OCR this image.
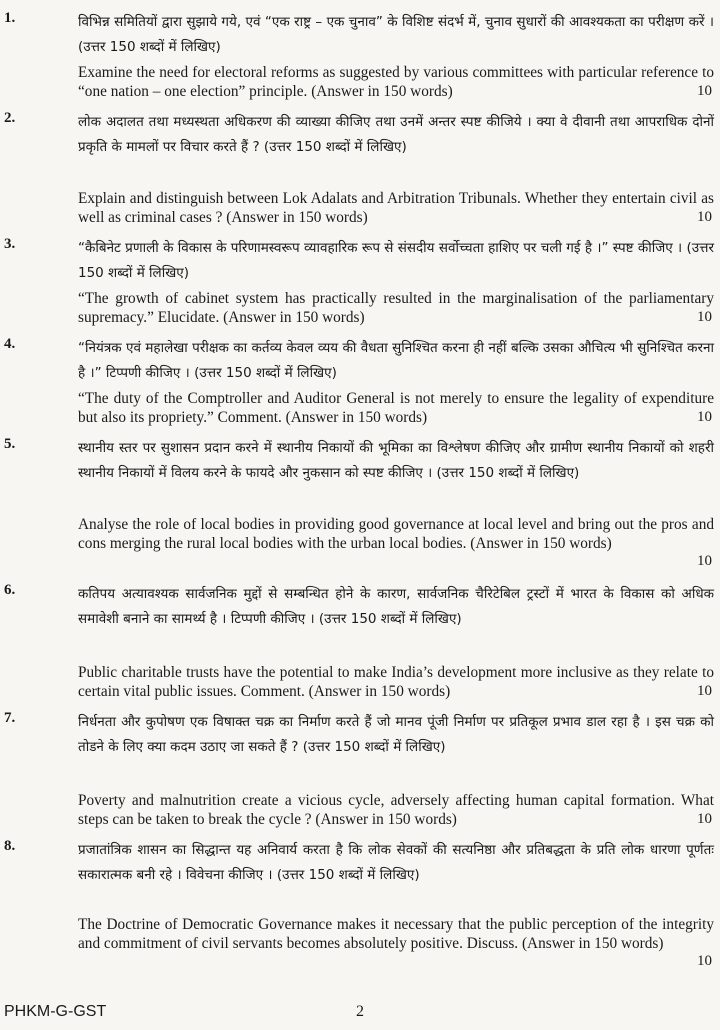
1.	विभिन्न समितियों द्वारा सुझाये गये, एवं “एक राष्ट्र – एक चुनाव” के विशिष्ट संदर्भ में, चुनाव सुधारों की आवश्यकता का परीक्षण करें । (उत्तर 150 शब्दों में लिखिए)
Examine the need for electoral reforms as suggested by various committees with particular reference to “one nation – one election” principle. (Answer in 150 words)	10
2.	लोक अदालत तथा मध्यस्थता अधिकरण की व्याख्या कीजिए तथा उनमें अन्तर स्पष्ट कीजिये । क्या वे दीवानी तथा आपराधिक दोनों प्रकृति के मामलों पर विचार करते हैं ? (उत्तर 150 शब्दों में लिखिए)
Explain and distinguish between Lok Adalats and Arbitration Tribunals. Whether they entertain civil as well as criminal cases ? (Answer in 150 words)	10
3.	“कैबिनेट प्रणाली के विकास के परिणामस्वरूप व्यावहारिक रूप से संसदीय सर्वोच्चता हाशिए पर चली गई है ।” स्पष्ट कीजिए । (उत्तर 150 शब्दों में लिखिए)
“The growth of cabinet system has practically resulted in the marginalisation of the parliamentary supremacy.” Elucidate. (Answer in 150 words)	10
4.	“नियंत्रक एवं महालेखा परीक्षक का कर्तव्य केवल व्यय की वैधता सुनिश्चित करना ही नहीं बल्कि उसका औचित्य भी सुनिश्चित करना है ।” टिप्पणी कीजिए । (उत्तर 150 शब्दों में लिखिए)
“The duty of the Comptroller and Auditor General is not merely to ensure the legality of expenditure but also its propriety.” Comment. (Answer in 150 words)	10
5.	स्थानीय स्तर पर सुशासन प्रदान करने में स्थानीय निकायों की भूमिका का विश्लेषण कीजिए और ग्रामीण स्थानीय निकायों को शहरी स्थानीय निकायों में विलय करने के फायदे और नुकसान को स्पष्ट कीजिए । (उत्तर 150 शब्दों में लिखिए)
Analyse the role of local bodies in providing good governance at local level and bring out the pros and cons merging the rural local bodies with the urban local bodies. (Answer in 150 words)
10
6.	कतिपय अत्यावश्यक सार्वजनिक मुद्दों से सम्बन्धित होने के कारण, सार्वजनिक चैरिटेबिल ट्रस्टों में भारत के विकास को अधिक समावेशी बनाने का सामर्थ्य है । टिप्पणी कीजिए । (उत्तर 150 शब्दों में लिखिए)
Public charitable trusts have the potential to make India’s development more inclusive as they relate to certain vital public issues. Comment. (Answer in 150 words)	10
7.	निर्धनता और कुपोषण एक विषाक्त चक्र का निर्माण करते हैं जो मानव पूंजी निर्माण पर प्रतिकूल प्रभाव डाल रहा है । इस चक्र को तोडने के लिए क्या कदम उठाए जा सकते हैं ? (उत्तर 150 शब्दों में लिखिए)
Poverty and malnutrition create a vicious cycle, adversely affecting human capital formation. What steps can be taken to break the cycle ? (Answer in 150 words)	10
8.	प्रजातांत्रिक शासन का सिद्धान्त यह अनिवार्य करता है कि लोक सेवकों की सत्यनिष्ठा और प्रतिबद्धता के प्रति लोक धारणा पूर्णतः सकारात्मक बनी रहे । विवेचना कीजिए । (उत्तर 150 शब्दों में लिखिए)
The Doctrine of Democratic Governance makes it necessary that the public perception of the integrity and commitment of civil servants becomes absolutely positive. Discuss. (Answer in 150 words)
10
PHKM-G-GST	2
